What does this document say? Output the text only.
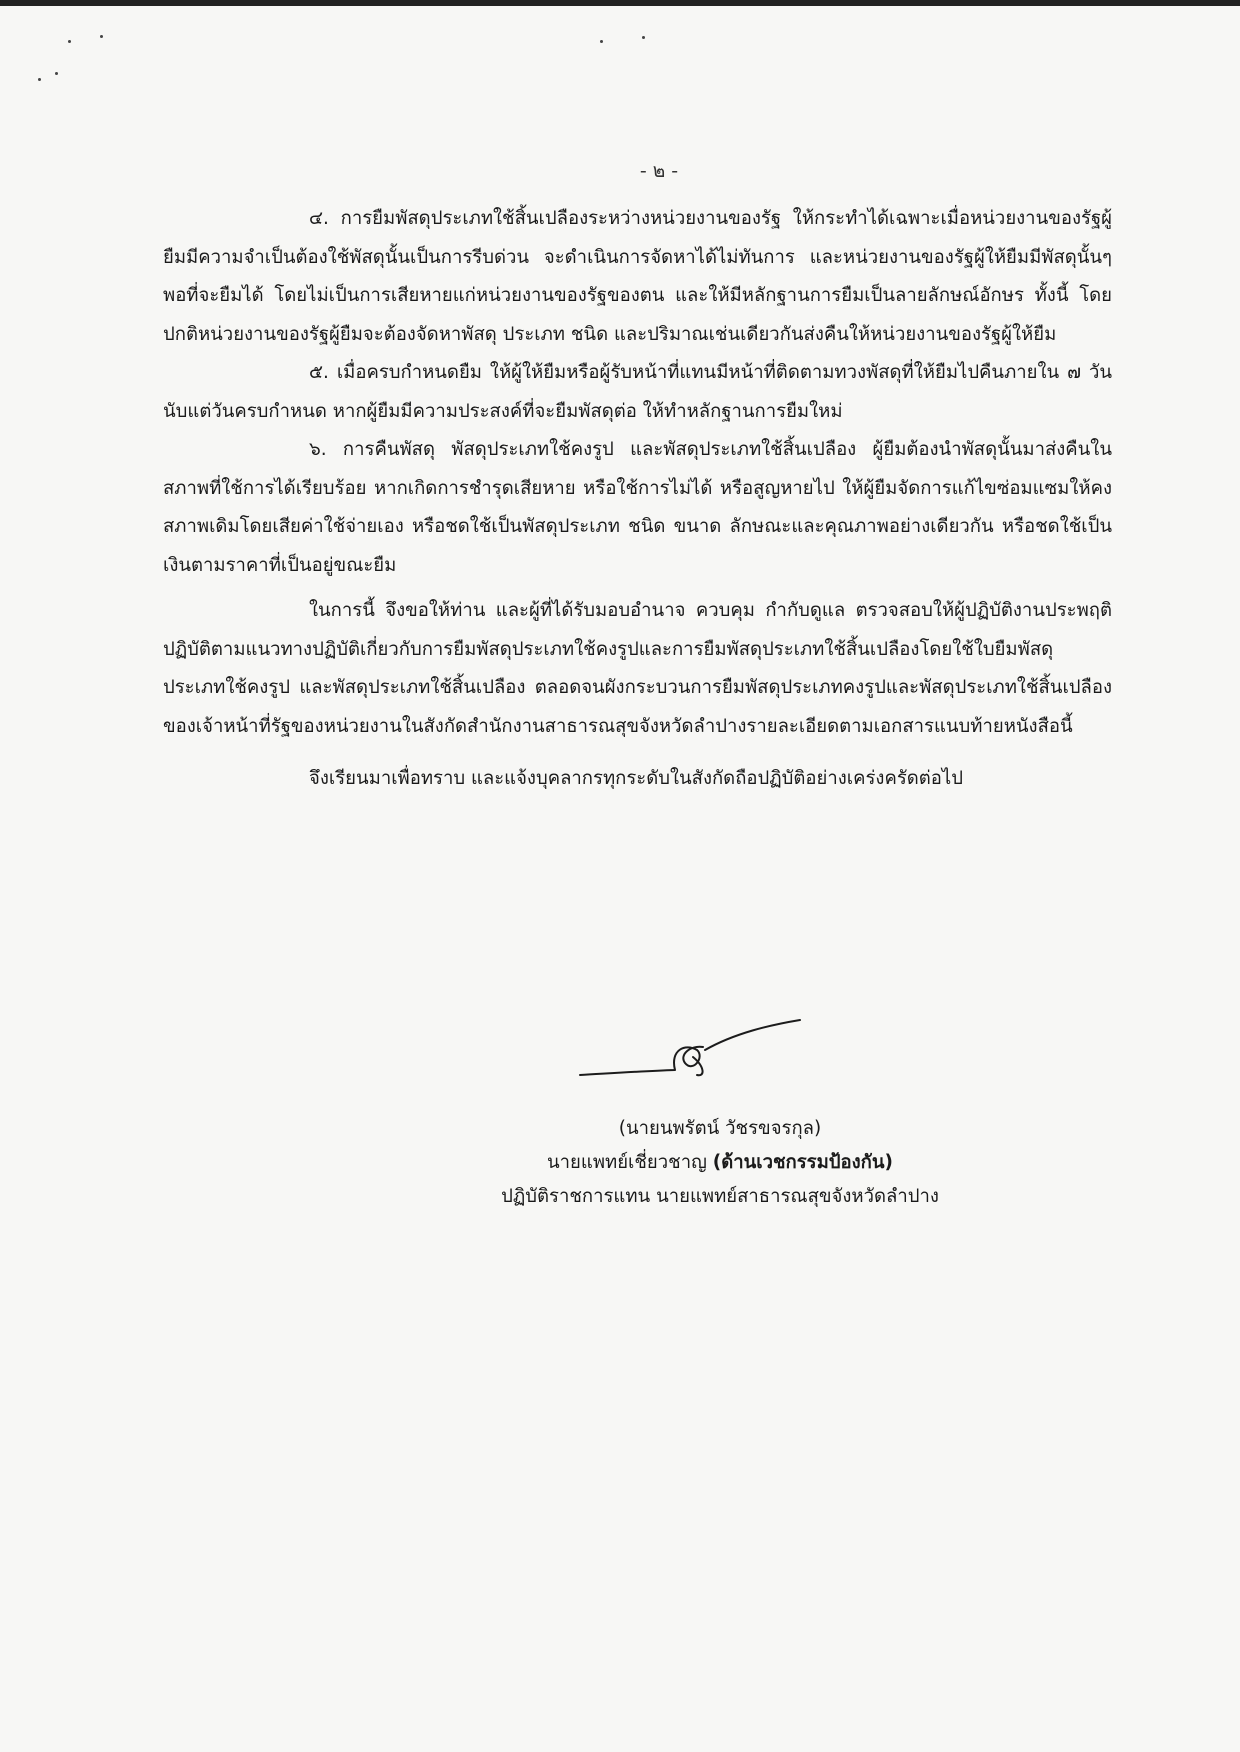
- ๒ -

๔. การยืมพัสดุประเภทใช้สิ้นเปลืองระหว่างหน่วยงานของรัฐ ให้กระทำได้เฉพาะเมื่อหน่วยงานของรัฐผู้ยืมมีความจำเป็นต้องใช้พัสดุนั้นเป็นการรีบด่วน จะดำเนินการจัดหาได้ไม่ทันการ และหน่วยงานของรัฐผู้ให้ยืมมีพัสดุนั้นๆ พอที่จะยืมได้ โดยไม่เป็นการเสียหายแก่หน่วยงานของรัฐของตน และให้มีหลักฐานการยืมเป็นลายลักษณ์อักษร ทั้งนี้ โดยปกติหน่วยงานของรัฐผู้ยืมจะต้องจัดหาพัสดุ ประเภท ชนิด และปริมาณเช่นเดียวกันส่งคืนให้หน่วยงานของรัฐผู้ให้ยืม

๕. เมื่อครบกำหนดยืม ให้ผู้ให้ยืมหรือผู้รับหน้าที่แทนมีหน้าที่ติดตามทวงพัสดุที่ให้ยืมไปคืนภายใน ๗ วัน นับแต่วันครบกำหนด หากผู้ยืมมีความประสงค์ที่จะยืมพัสดุต่อ ให้ทำหลักฐานการยืมใหม่

๖. การคืนพัสดุ พัสดุประเภทใช้คงรูป และพัสดุประเภทใช้สิ้นเปลือง ผู้ยืมต้องนำพัสดุนั้นมาส่งคืนในสภาพที่ใช้การได้เรียบร้อย หากเกิดการชำรุดเสียหาย หรือใช้การไม่ได้ หรือสูญหายไป ให้ผู้ยืมจัดการแก้ไขซ่อมแซมให้คงสภาพเดิมโดยเสียค่าใช้จ่ายเอง หรือชดใช้เป็นพัสดุประเภท ชนิด ขนาด ลักษณะและคุณภาพอย่างเดียวกัน หรือชดใช้เป็นเงินตามราคาที่เป็นอยู่ขณะยืม

ในการนี้ จึงขอให้ท่าน และผู้ที่ได้รับมอบอำนาจ ควบคุม กำกับดูแล ตรวจสอบให้ผู้ปฏิบัติงานประพฤติปฏิบัติตามแนวทางปฏิบัติเกี่ยวกับการยืมพัสดุประเภทใช้คงรูปและการยืมพัสดุประเภทใช้สิ้นเปลืองโดยใช้ใบยืมพัสดุประเภทใช้คงรูป และพัสดุประเภทใช้สิ้นเปลือง ตลอดจนผังกระบวนการยืมพัสดุประเภทคงรูปและพัสดุประเภทใช้สิ้นเปลืองของเจ้าหน้าที่รัฐของหน่วยงานในสังกัดสำนักงานสาธารณสุขจังหวัดลำปางรายละเอียดตามเอกสารแนบท้ายหนังสือนี้

จึงเรียนมาเพื่อทราบ และแจ้งบุคลากรทุกระดับในสังกัดถือปฏิบัติอย่างเคร่งครัดต่อไป

(นายนพรัตน์ วัชรขจรกุล)
นายแพทย์เชี่ยวชาญ (ด้านเวชกรรมป้องกัน)
ปฏิบัติราชการแทน นายแพทย์สาธารณสุขจังหวัดลำปาง
